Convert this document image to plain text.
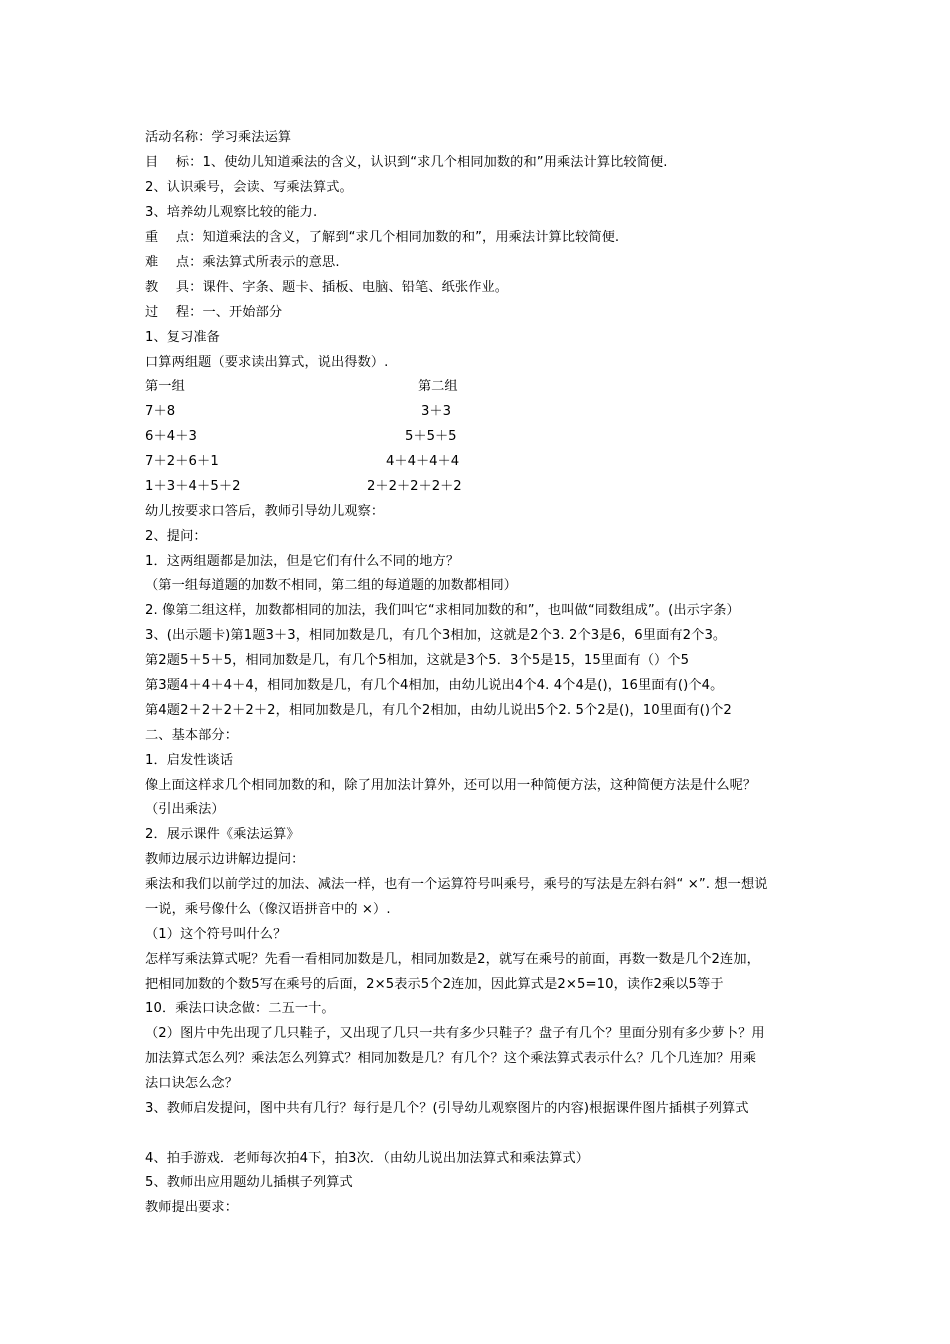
活动名称：学习乘法运算
目　 标：1、使幼儿知道乘法的含义，认识到“求几个相同加数的和”用乘法计算比较简便.
2、认识乘号，会读、写乘法算式。
3、培养幼儿观察比较的能力.
重　 点：知道乘法的含义，了解到“求几个相同加数的和”，用乘法计算比较简便.
难　 点：乘法算式所表示的意思.
教　 具：课件、字条、题卡、插板、电脑、铅笔、纸张作业。
过　 程：一、开始部分
1、复习准备
口算两组题（要求读出算式，说出得数）.
第一组
7＋8
6＋4＋3
7＋2＋6＋1
1＋3＋4＋5＋2
第二组
3＋3
5＋5＋5
4＋4＋4＋4
2＋2＋2＋2＋2
幼儿按要求口答后，教师引导幼儿观察：
2、提问：
1．这两组题都是加法，但是它们有什么不同的地方？
（第一组每道题的加数不相同，第二组的每道题的加数都相同）
2. 像第二组这样，加数都相同的加法，我们叫它“求相同加数的和”，也叫做“同数组成”。(出示字条）
3、(出示题卡)第1题3＋3，相同加数是几，有几个3相加，这就是2个3. 2个3是6，6里面有2个3。
第2题5＋5＋5，相同加数是几，有几个5相加，这就是3个5．3个5是15，15里面有（）个5
第3题4＋4＋4＋4，相同加数是几，有几个4相加，由幼儿说出4个4. 4个4是()，16里面有()个4。
第4题2＋2＋2＋2＋2，相同加数是几，有几个2相加，由幼儿说出5个2. 5个2是()，10里面有()个2
二、基本部分：
1．启发性谈话
像上面这样求几个相同加数的和，除了用加法计算外，还可以用一种简便方法，这种简便方法是什么呢？
（引出乘法）
2．展示课件《乘法运算》
教师边展示边讲解边提问：
乘法和我们以前学过的加法、减法一样，也有一个运算符号叫乘号，乘号的写法是左斜右斜“ ×”. 想一想说
一说，乘号像什么（像汉语拼音中的 ×）.
（1）这个符号叫什么？
怎样写乘法算式呢？先看一看相同加数是几，相同加数是2，就写在乘号的前面，再数一数是几个2连加，
把相同加数的个数5写在乘号的后面，2×5表示5个2连加，因此算式是2×5=10，读作2乘以5等于
10．乘法口诀念做：二五一十。
（2）图片中先出现了几只鞋子，又出现了几只一共有多少只鞋子？盘子有几个？里面分别有多少萝卜？用
加法算式怎么列？乘法怎么列算式？相同加数是几？有几个？这个乘法算式表示什么？几个几连加？用乘
法口诀怎么念？
3、教师启发提问，图中共有几行？每行是几个？(引导幼儿观察图片的内容)根据课件图片插棋子列算式
4、拍手游戏．老师每次拍4下，拍3次．（由幼儿说出加法算式和乘法算式）
5、教师出应用题幼儿插棋子列算式
教师提出要求：
